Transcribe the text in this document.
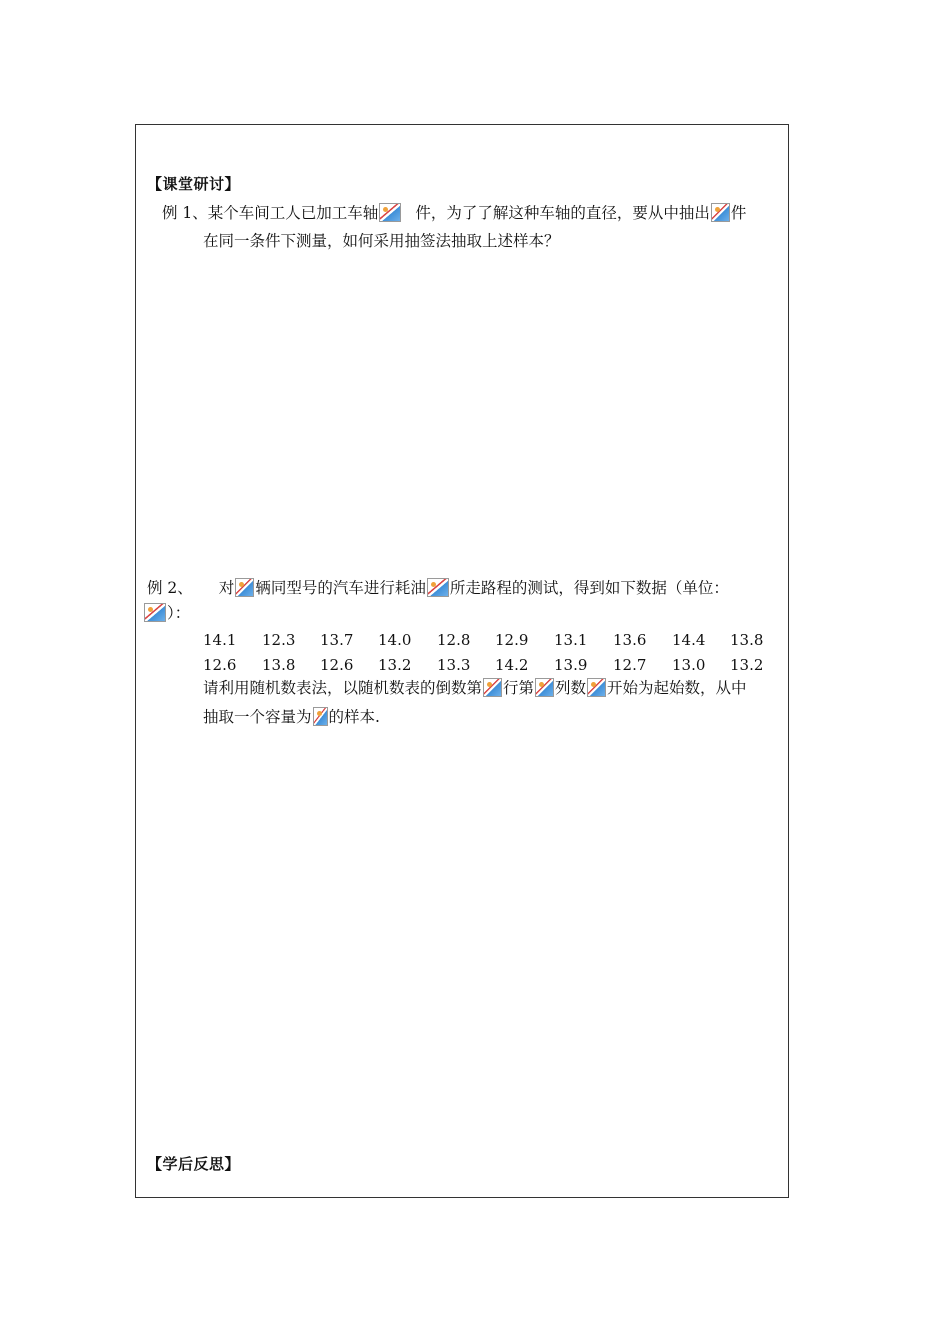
【课堂研讨】
例 1、某个车间工人已加工车轴 件，为了了解这种车轴的直径，要从中抽出 件
在同一条件下测量，如何采用抽签法抽取上述样本？
例 2、 对 辆同型号的汽车进行耗油 所走路程的测试，得到如下数据（单位：
）：
14.1 12.3 13.7 14.0 12.8 12.9 13.1 13.6 14.4 13.8
12.6 13.8 12.6 13.2 13.3 14.2 13.9 12.7 13.0 13.2
请利用随机数表法，以随机数表的倒数第 行第 列数 开始为起始数，从中
抽取一个容量为 的样本.
【学后反思】
